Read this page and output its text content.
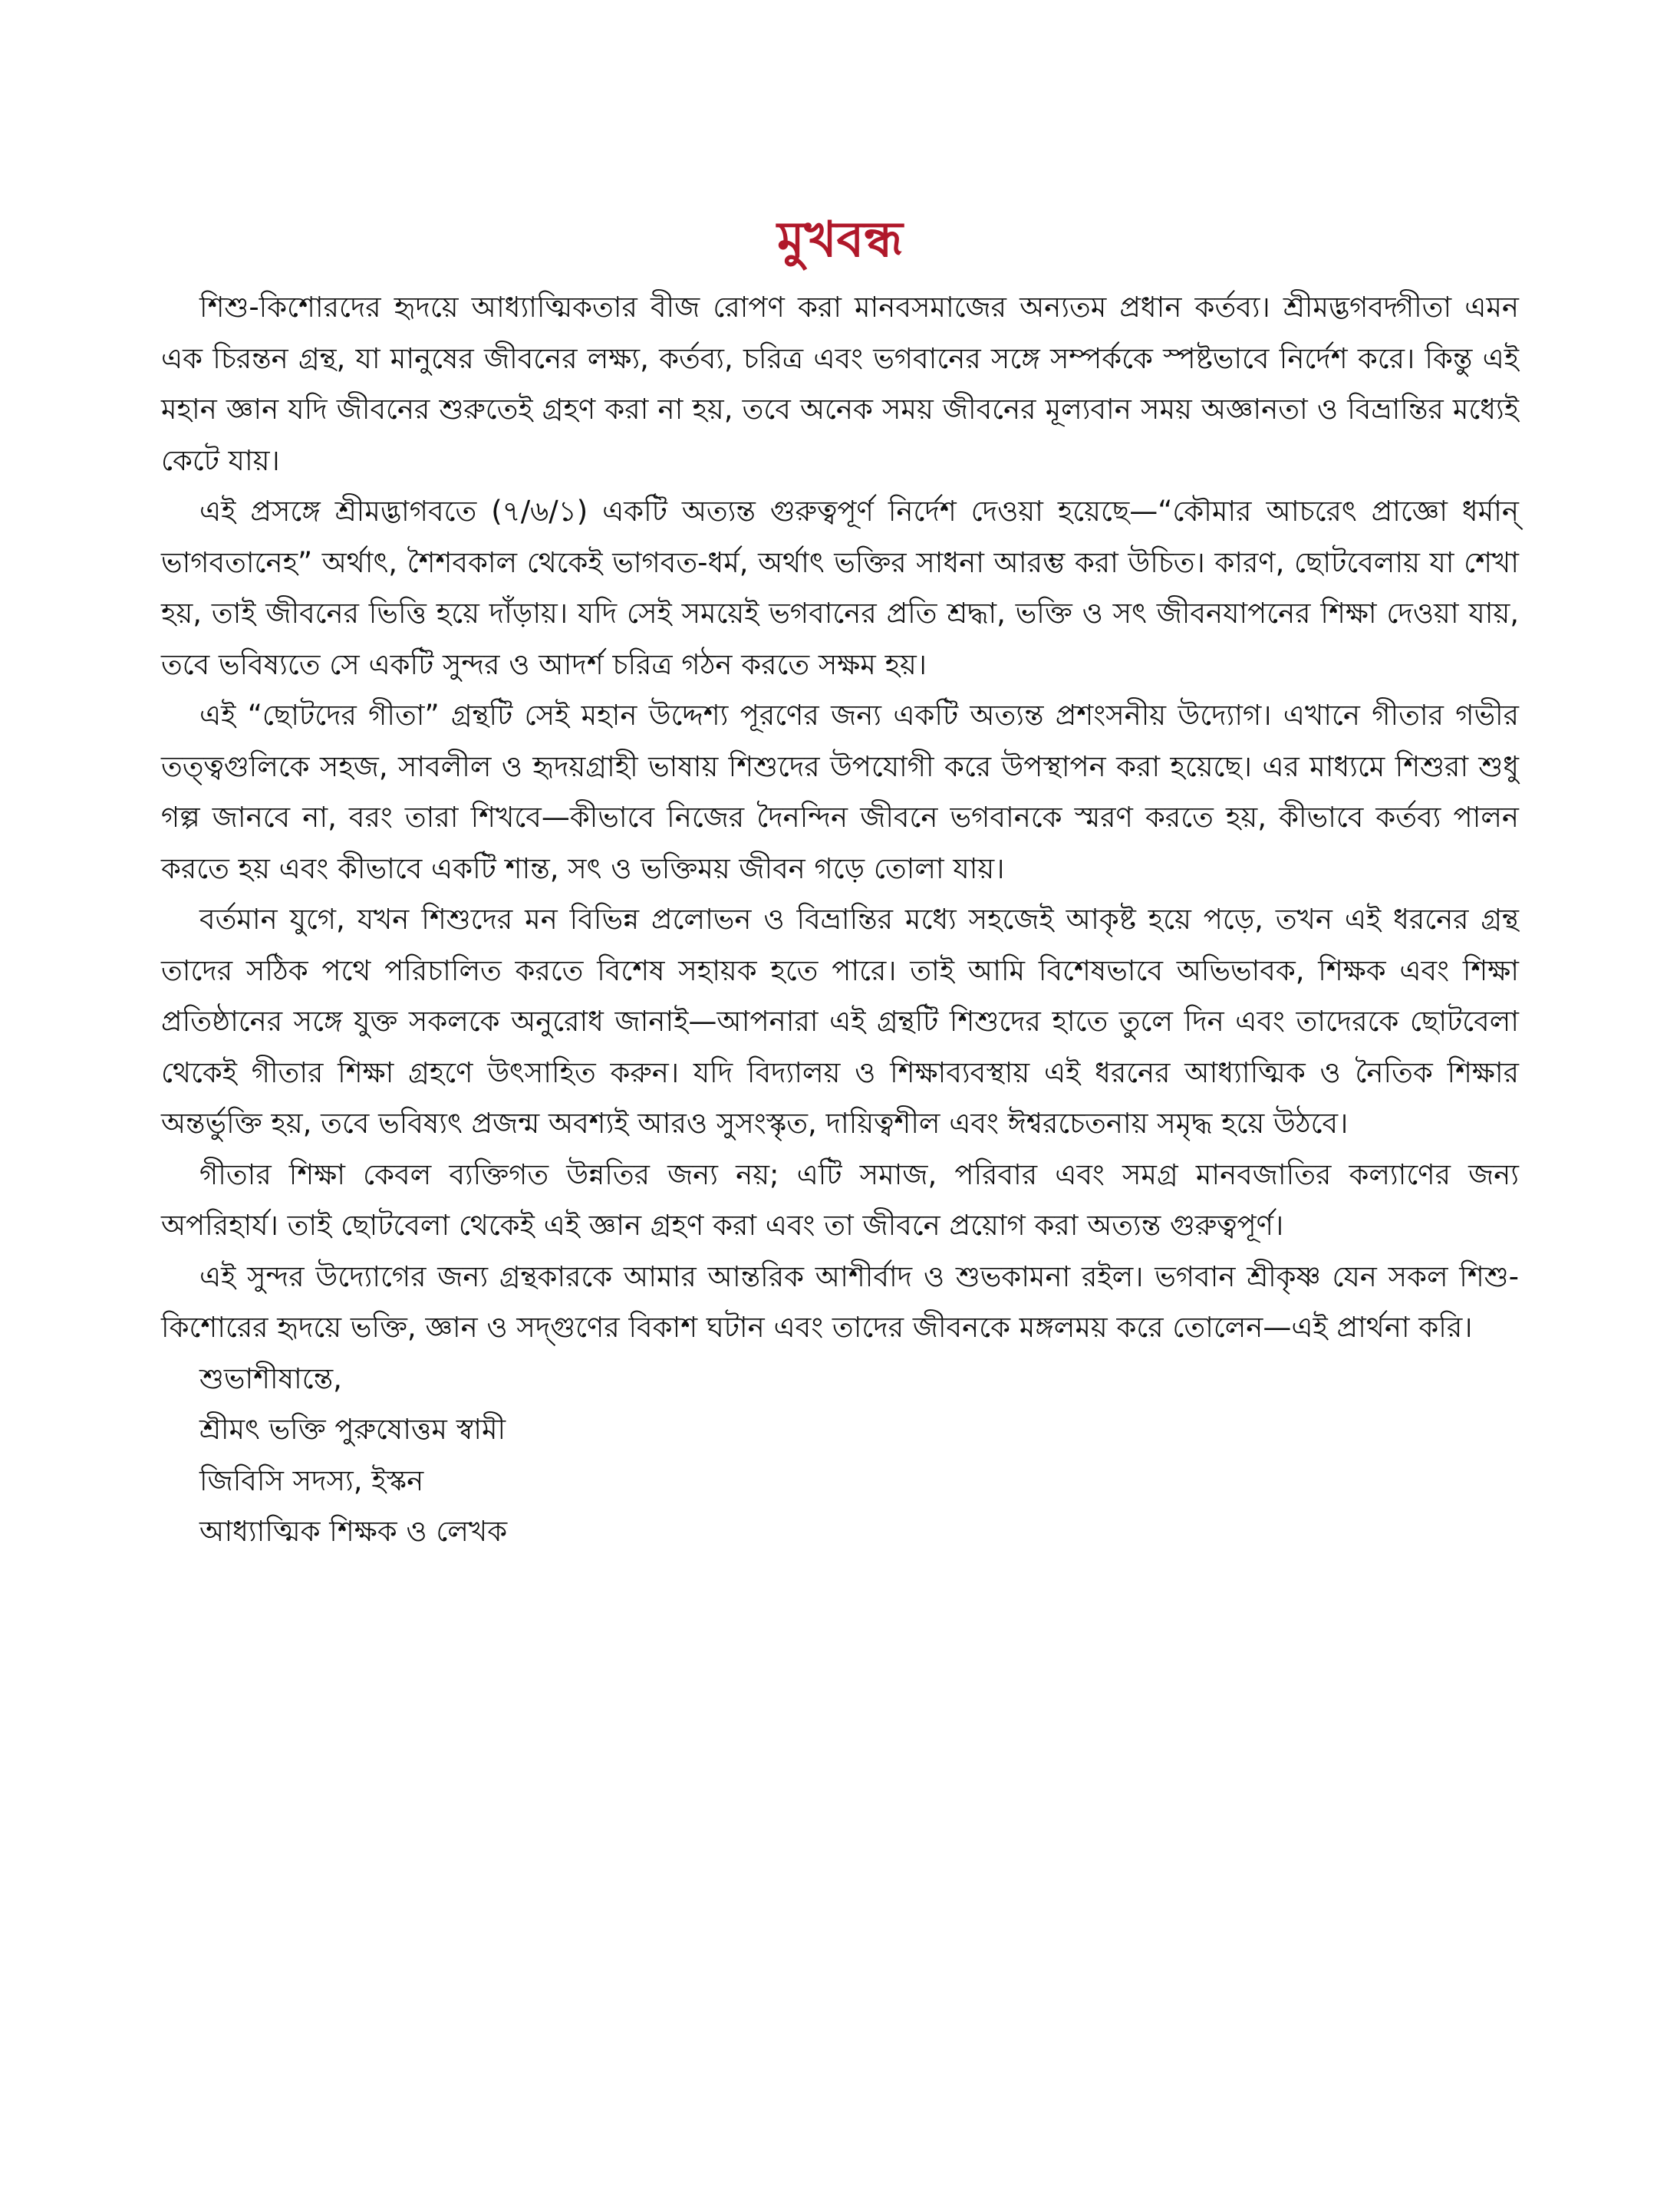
মুখবন্ধ

শিশু-কিশোরদের হৃদয়ে আধ্যাত্মিকতার বীজ রোপণ করা মানবসমাজের অন্যতম প্রধান কর্তব্য। শ্রীমদ্ভগবদ্গীতা এমন এক চিরন্তন গ্রন্থ, যা মানুষের জীবনের লক্ষ্য, কর্তব্য, চরিত্র এবং ভগবানের সঙ্গে সম্পর্ককে স্পষ্টভাবে নির্দেশ করে। কিন্তু এই মহান জ্ঞান যদি জীবনের শুরুতেই গ্রহণ করা না হয়, তবে অনেক সময় জীবনের মূল্যবান সময় অজ্ঞানতা ও বিভ্রান্তির মধ্যেই কেটে যায়।

এই প্রসঙ্গে শ্রীমদ্ভাগবতে (৭/৬/১) একটি অত্যন্ত গুরুত্বপূর্ণ নির্দেশ দেওয়া হয়েছে—“কৌমার আচরেৎ প্রাজ্ঞো ধর্মান্ ভাগবতানেহ” অর্থাৎ, শৈশবকাল থেকেই ভাগবত-ধর্ম, অর্থাৎ ভক্তির সাধনা আরম্ভ করা উচিত। কারণ, ছোটবেলায় যা শেখা হয়, তাই জীবনের ভিত্তি হয়ে দাঁড়ায়। যদি সেই সময়েই ভগবানের প্রতি শ্রদ্ধা, ভক্তি ও সৎ জীবনযাপনের শিক্ষা দেওয়া যায়, তবে ভবিষ্যতে সে একটি সুন্দর ও আদর্শ চরিত্র গঠন করতে সক্ষম হয়।

এই “ছোটদের গীতা” গ্রন্থটি সেই মহান উদ্দেশ্য পূরণের জন্য একটি অত্যন্ত প্রশংসনীয় উদ্যোগ। এখানে গীতার গভীর তত্ত্বগুলিকে সহজ, সাবলীল ও হৃদয়গ্রাহী ভাষায় শিশুদের উপযোগী করে উপস্থাপন করা হয়েছে। এর মাধ্যমে শিশুরা শুধু গল্প জানবে না, বরং তারা শিখবে—কীভাবে নিজের দৈনন্দিন জীবনে ভগবানকে স্মরণ করতে হয়, কীভাবে কর্তব্য পালন করতে হয় এবং কীভাবে একটি শান্ত, সৎ ও ভক্তিময় জীবন গড়ে তোলা যায়।

বর্তমান যুগে, যখন শিশুদের মন বিভিন্ন প্রলোভন ও বিভ্রান্তির মধ্যে সহজেই আকৃষ্ট হয়ে পড়ে, তখন এই ধরনের গ্রন্থ তাদের সঠিক পথে পরিচালিত করতে বিশেষ সহায়ক হতে পারে। তাই আমি বিশেষভাবে অভিভাবক, শিক্ষক এবং শিক্ষা প্রতিষ্ঠানের সঙ্গে যুক্ত সকলকে অনুরোধ জানাই—আপনারা এই গ্রন্থটি শিশুদের হাতে তুলে দিন এবং তাদেরকে ছোটবেলা থেকেই গীতার শিক্ষা গ্রহণে উৎসাহিত করুন। যদি বিদ্যালয় ও শিক্ষাব্যবস্থায় এই ধরনের আধ্যাত্মিক ও নৈতিক শিক্ষার অন্তর্ভুক্তি হয়, তবে ভবিষ্যৎ প্রজন্ম অবশ্যই আরও সুসংস্কৃত, দায়িত্বশীল এবং ঈশ্বরচেতনায় সমৃদ্ধ হয়ে উঠবে।

গীতার শিক্ষা কেবল ব্যক্তিগত উন্নতির জন্য নয়; এটি সমাজ, পরিবার এবং সমগ্র মানবজাতির কল্যাণের জন্য অপরিহার্য। তাই ছোটবেলা থেকেই এই জ্ঞান গ্রহণ করা এবং তা জীবনে প্রয়োগ করা অত্যন্ত গুরুত্বপূর্ণ।

এই সুন্দর উদ্যোগের জন্য গ্রন্থকারকে আমার আন্তরিক আশীর্বাদ ও শুভকামনা রইল। ভগবান শ্রীকৃষ্ণ যেন সকল শিশু-কিশোরের হৃদয়ে ভক্তি, জ্ঞান ও সদ্গুণের বিকাশ ঘটান এবং তাদের জীবনকে মঙ্গলময় করে তোলেন—এই প্রার্থনা করি।

শুভাশীষান্তে,
শ্রীমৎ ভক্তি পুরুষোত্তম স্বামী
জিবিসি সদস্য, ইস্কন
আধ্যাত্মিক শিক্ষক ও লেখক
